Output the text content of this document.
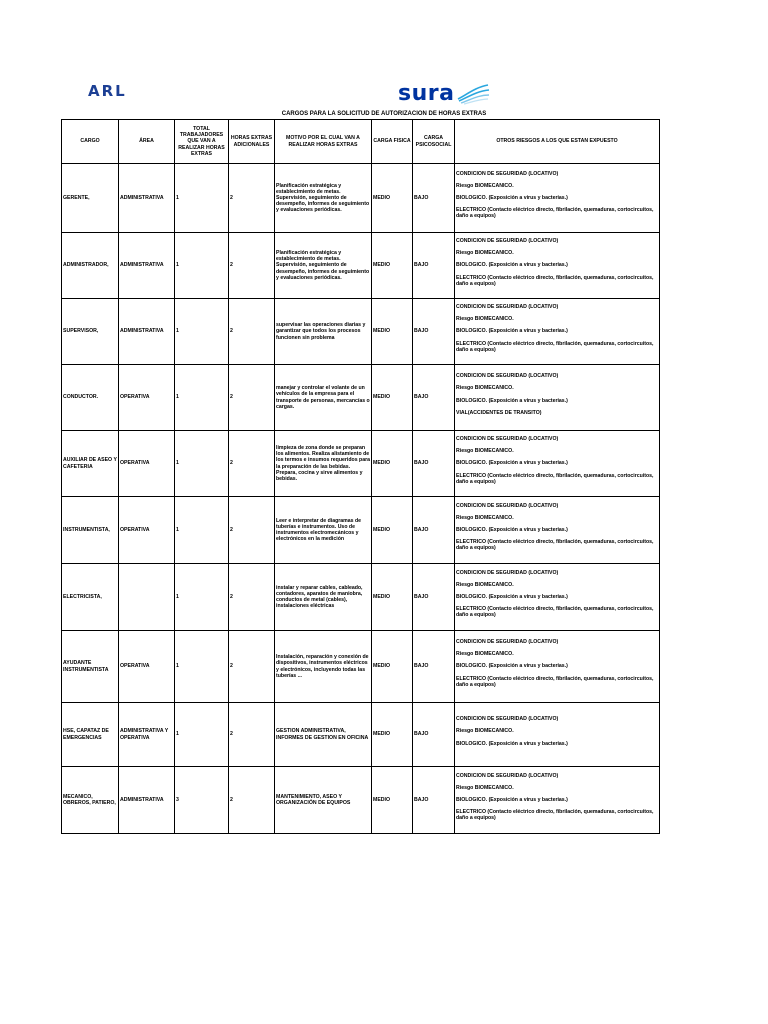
ARL	sura
CARGOS PARA LA SOLICITUD DE AUTORIZACION DE HORAS EXTRAS
CARGO	ÁREA	TOTAL TRABAJADORES QUE VAN A REALIZAR HORAS EXTRAS	HORAS EXTRAS ADICIONALES	MOTIVO POR EL CUAL VAN A REALIZAR HORAS EXTRAS	CARGA FISICA	CARGA PSICOSOCIAL	OTROS RIESGOS A LOS QUE ESTAN EXPUESTO
GERENTE,	ADMINISTRATIVA	1	2	Planificación estratégica y establecimiento de metas. Supervisión, seguimiento de desempeño, informes de seguimiento y evaluaciones periódicas.	MEDIO	BAJO	CONDICION DE SEGURIDAD (LOCATIVO)
Riesgo BIOMECANICO.
BIOLOGICO. (Exposición a virus y bacterias.)
ELECTRICO (Contacto eléctrico directo, fibrilación, quemaduras, cortocircuitos, daño a equipos)

ADMINISTRADOR,	ADMINISTRATIVA	1	2	Planificación estratégica y establecimiento de metas. Supervisión, seguimiento de desempeño, informes de seguimiento y evaluaciones periódicas.	MEDIO	BAJO	CONDICION DE SEGURIDAD (LOCATIVO)
Riesgo BIOMECANICO.
BIOLOGICO. (Exposición a virus y bacterias.)
ELECTRICO (Contacto eléctrico directo, fibrilación, quemaduras, cortocircuitos, daño a equipos)

SUPERVISOR,	ADMINISTRATIVA	1	2	supervisar las operaciones diarias y garantizar que todos los procesos funcionen sin problema	MEDIO	BAJO	CONDICION DE SEGURIDAD (LOCATIVO)
Riesgo BIOMECANICO.
BIOLOGICO. (Exposición a virus y bacterias.)
ELECTRICO (Contacto eléctrico directo, fibrilación, quemaduras, cortocircuitos, daño a equipos)

CONDUCTOR.	OPERATIVA	1	2	manejar y controlar el volante de un vehículos de la empresa para el transporte de personas, mercancías o cargas.	MEDIO	BAJO	CONDICION DE SEGURIDAD (LOCATIVO)
Riesgo BIOMECANICO.
BIOLOGICO. (Exposición a virus y bacterias.)
VIAL(ACCIDENTES DE TRANSITO)

AUXILIAR DE ASEO Y CAFETERIA	OPERATIVA	1	2	limpieza de zona donde se preparan los alimentos. Realiza alistamiento de los termos e insumos requeridos para la preparación de las bebidas. Prepara, cocina y sirve alimentos y bebidas.	MEDIO	BAJO	CONDICION DE SEGURIDAD (LOCATIVO)
Riesgo BIOMECANICO.
BIOLOGICO. (Exposición a virus y bacterias.)
ELECTRICO (Contacto eléctrico directo, fibrilación, quemaduras, cortocircuitos, daño a equipos)

INSTRUMENTISTA,	OPERATIVA	1	2	Leer e interpretar de diagramas de tuberías e instrumentos. Uso de instrumentos electromecánicos y electrónicos en la medición	MEDIO	BAJO	CONDICION DE SEGURIDAD (LOCATIVO)
Riesgo BIOMECANICO.
BIOLOGICO. (Exposición a virus y bacterias.)
ELECTRICO (Contacto eléctrico directo, fibrilación, quemaduras, cortocircuitos, daño a equipos)

ELECTRICISTA,		1	2	instalar y reparar cables, cableado, contadores, aparatos de maniobra, conductos de metal (cables), instalaciones eléctricas	MEDIO	BAJO	CONDICION DE SEGURIDAD (LOCATIVO)
Riesgo BIOMECANICO.
BIOLOGICO. (Exposición a virus y bacterias.)
ELECTRICO (Contacto eléctrico directo, fibrilación, quemaduras, cortocircuitos, daño a equipos)

AYUDANTE INSTRUMENTISTA	OPERATIVA	1	2	Instalación, reparación y conexión de dispositivos, instrumentos eléctricos y electrónicos, incluyendo todas las tuberías ...	MEDIO	BAJO	CONDICION DE SEGURIDAD (LOCATIVO)
Riesgo BIOMECANICO.
BIOLOGICO. (Exposición a virus y bacterias.)
ELECTRICO (Contacto eléctrico directo, fibrilación, quemaduras, cortocircuitos, daño a equipos)

HSE, CAPATAZ DE EMERGENCIAS	ADMINISTRATIVA Y OPERATIVA	1	2	GESTION ADMINISTRATIVA, INFORMES DE GESTION EN OFICINA	MEDIO	BAJO	CONDICION DE SEGURIDAD (LOCATIVO)
Riesgo BIOMECANICO.
BIOLOGICO. (Exposición a virus y bacterias.)

MECANICO, OBREROS, PATIERO,	ADMINISTRATIVA	3	2	MANTENIMIENTO, ASEO Y ORGANIZACIÓN DE EQUIPOS	MEDIO	BAJO	CONDICION DE SEGURIDAD (LOCATIVO)
Riesgo BIOMECANICO.
BIOLOGICO. (Exposición a virus y bacterias.)
ELECTRICO (Contacto eléctrico directo, fibrilación, quemaduras, cortocircuitos, daño a equipos)
